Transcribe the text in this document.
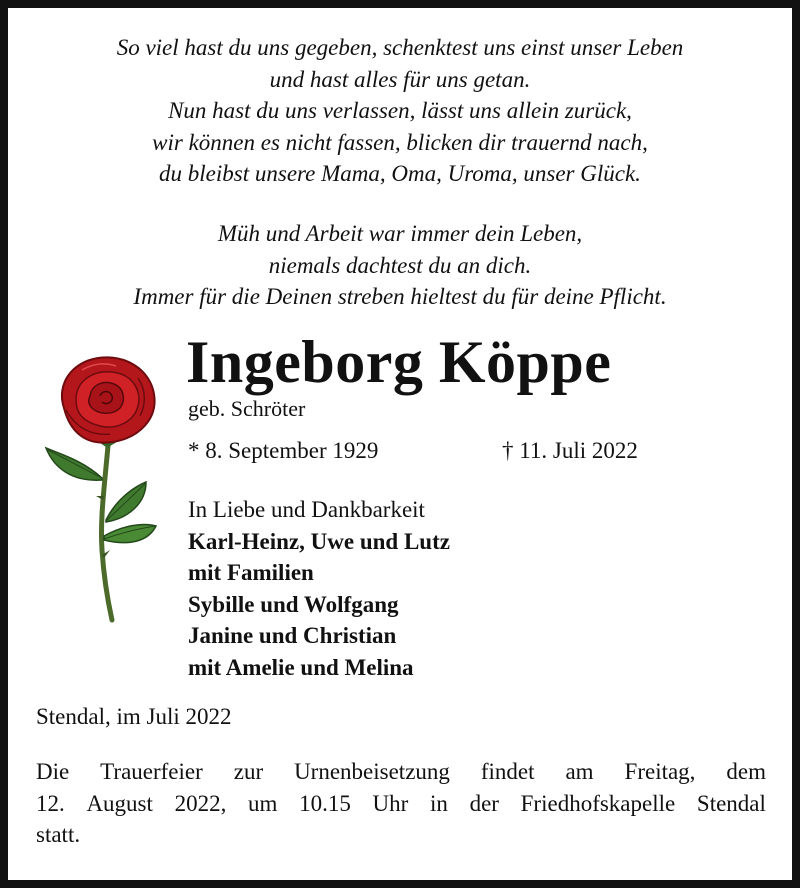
So viel hast du uns gegeben, schenktest uns einst unser Leben
und hast alles für uns getan.
Nun hast du uns verlassen, lässt uns allein zurück,
wir können es nicht fassen, blicken dir trauernd nach,
du bleibst unsere Mama, Oma, Uroma, unser Glück.
Müh und Arbeit war immer dein Leben,
niemals dachtest du an dich.
Immer für die Deinen streben hieltest du für deine Pflicht.
Ingeborg Köppe
geb. Schröter
* 8. September 1929	† 11. Juli 2022
In Liebe und Dankbarkeit
Karl-Heinz, Uwe und Lutz
mit Familien
Sybille und Wolfgang
Janine und Christian
mit Amelie und Melina
Stendal, im Juli 2022
Die Trauerfeier zur Urnenbeisetzung findet am Freitag, dem
12. August 2022, um 10.15 Uhr in der Friedhofskapelle Stendal
statt.
